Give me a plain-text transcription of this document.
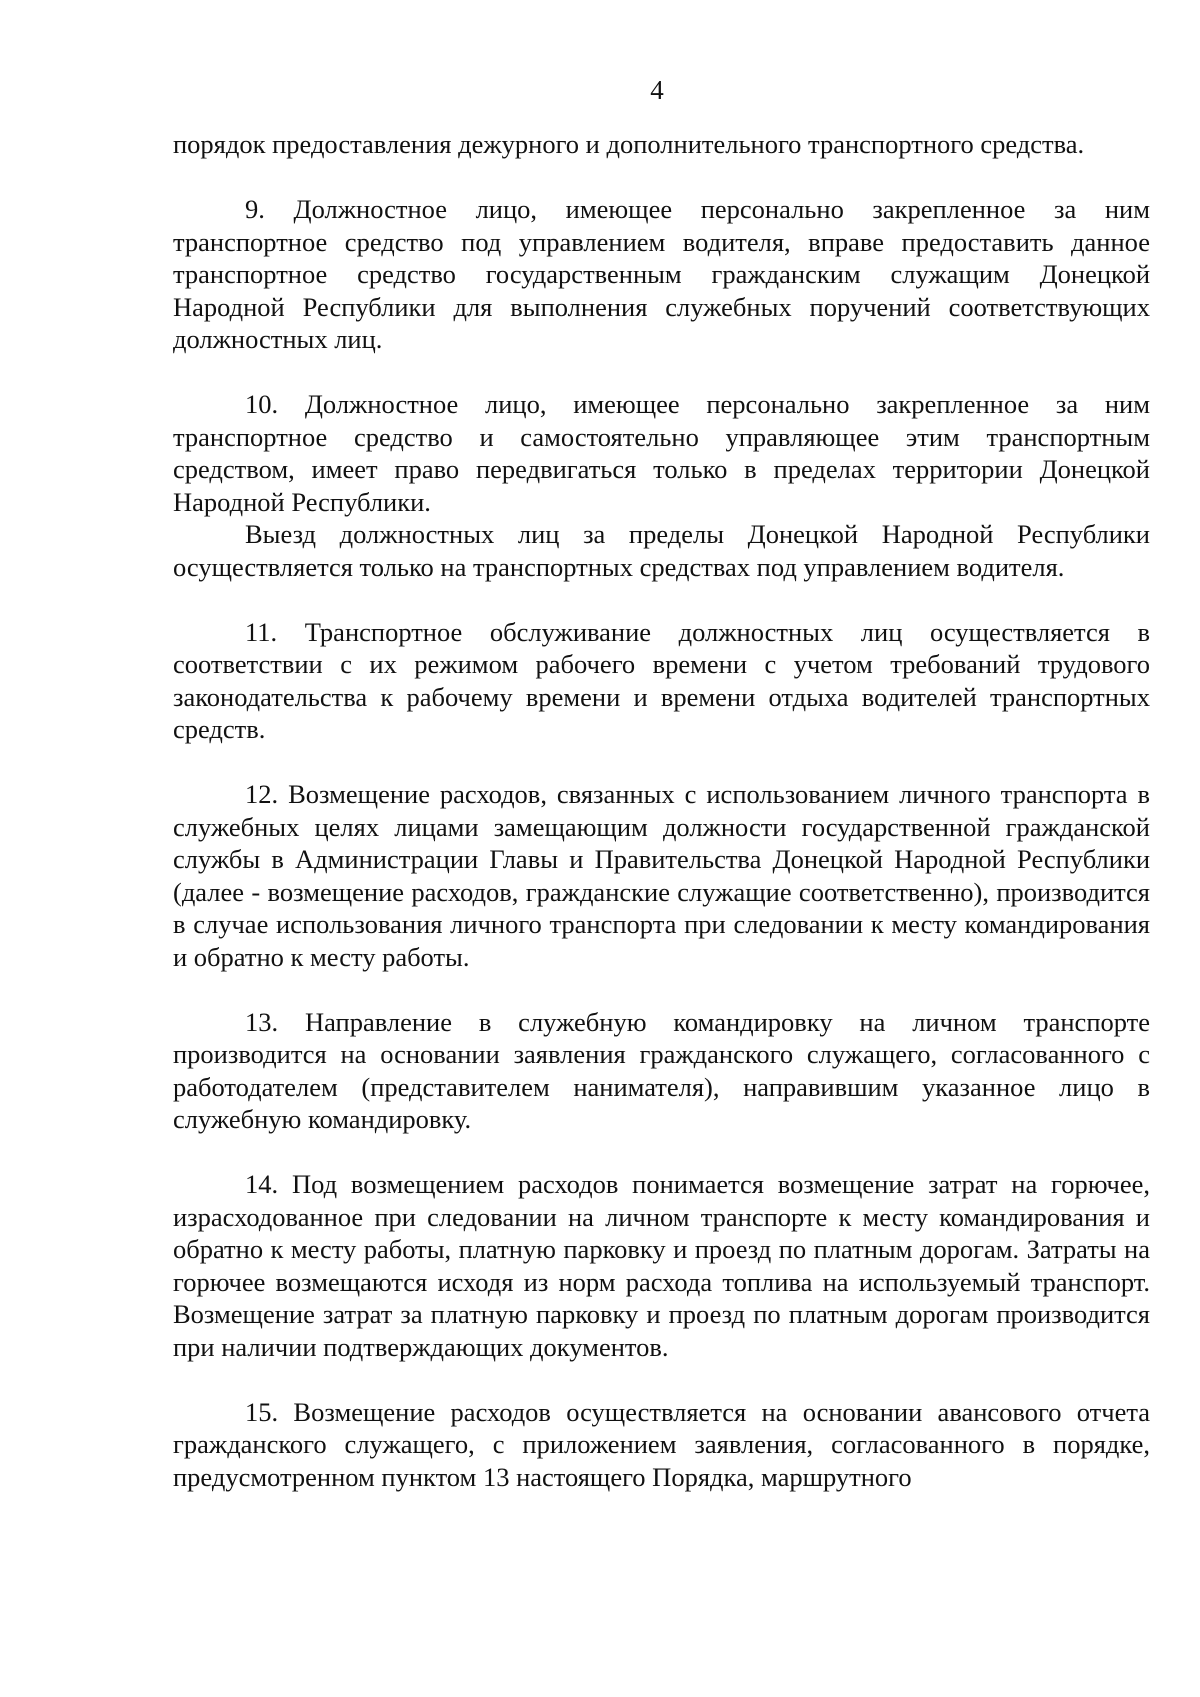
4

порядок предоставления дежурного и дополнительного транспортного средства.

9. Должностное лицо, имеющее персонально закрепленное за ним транспортное средство под управлением водителя, вправе предоставить данное транспортное средство государственным гражданским служащим Донецкой Народной Республики для выполнения служебных поручений соответствующих должностных лиц.

10. Должностное лицо, имеющее персонально закрепленное за ним транспортное средство и самостоятельно управляющее этим транспортным средством, имеет право передвигаться только в пределах территории Донецкой Народной Республики.

Выезд должностных лиц за пределы Донецкой Народной Республики осуществляется только на транспортных средствах под управлением водителя.

11. Транспортное обслуживание должностных лиц осуществляется в соответствии с их режимом рабочего времени с учетом требований трудового законодательства к рабочему времени и времени отдыха водителей транспортных средств.

12. Возмещение расходов, связанных с использованием личного транспорта в служебных целях лицами замещающим должности государственной гражданской службы в Администрации Главы и Правительства Донецкой Народной Республики (далее - возмещение расходов, гражданские служащие соответственно), производится в случае использования личного транспорта при следовании к месту командирования и обратно к месту работы.

13. Направление в служебную командировку на личном транспорте производится на основании заявления гражданского служащего, согласованного с работодателем (представителем нанимателя), направившим указанное лицо в служебную командировку.

14. Под возмещением расходов понимается возмещение затрат на горючее, израсходованное при следовании на личном транспорте к месту командирования и обратно к месту работы, платную парковку и проезд по платным дорогам. Затраты на горючее возмещаются исходя из норм расхода топлива на используемый транспорт. Возмещение затрат за платную парковку и проезд по платным дорогам производится при наличии подтверждающих документов.

15. Возмещение расходов осуществляется на основании авансового отчета гражданского служащего, с приложением заявления, согласованного в порядке, предусмотренном пунктом 13 настоящего Порядка, маршрутного
